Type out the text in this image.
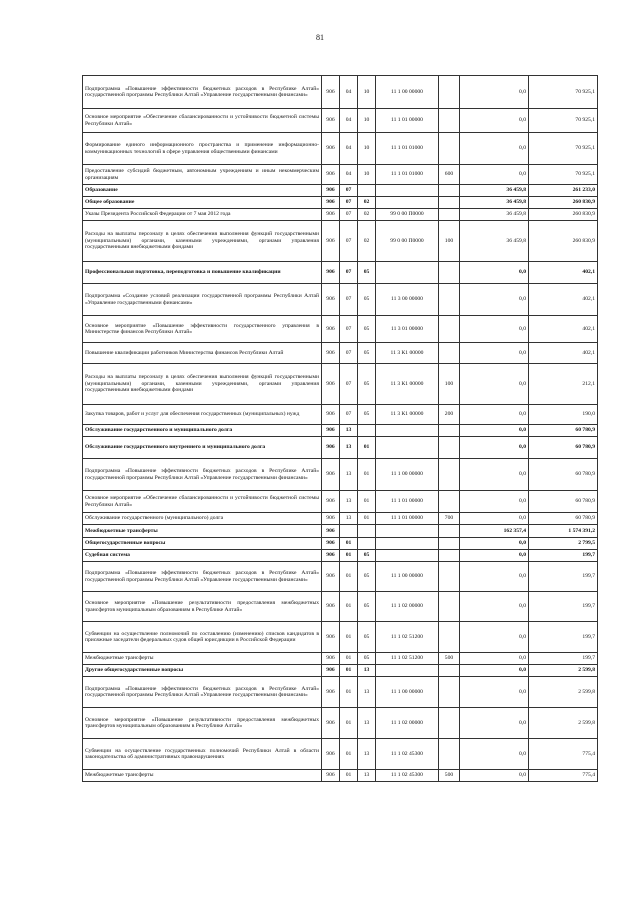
81
Подпрограмма «Повышение эффективности бюджетных расходов в Республике Алтай» государственной программы Республики Алтай «Управление государственными финансами»	906	04	10	11 1 00 00000		0,0	70 925,1
Основное мероприятие «Обеспечение сбалансированности и устойчивости бюджетной системы Республики Алтай»	906	04	10	11 1 01 00000		0,0	70 925,1
Формирование единого информационного пространства и применение информационно-коммуникационных технологий в сфере управления общественными финансами	906	04	10	11 1 01 01000		0,0	70 925,1
Предоставление субсидий бюджетным, автономным учреждениям и иным некоммерческим организациям	906	04	10	11 1 01 01000	600	0,0	70 925,1
Образование	906	07				36 459,8	261 233,0
Общее образование	906	07	02			36 459,8	260 830,9
Указы Президента Российской Федерации от 7 мая 2012 года	906	07	02	99 0 00 П0000		36 459,8	260 830,9
Расходы на выплаты персоналу в целях обеспечения выполнения функций государственными (муниципальными) органами, казенными учреждениями, органами управления государственными внебюджетными фондами	906	07	02	99 0 00 П0000	100	36 459,8	260 830,9
Профессиональная подготовка, переподготовка и повышение квалификации	906	07	05			0,0	402,1
Подпрограмма «Создание условий реализации государственной программы Республики Алтай «Управление государственными финансами»	906	07	05	11 3 00 00000		0,0	402,1
Основное мероприятие «Повышение эффективности государственного управления в Министерстве финансов Республики Алтай»	906	07	05	11 3 01 00000		0,0	402,1
Повышение квалификации работников Министерства финансов Республики Алтай	906	07	05	11 3 К1 00000		0,0	402,1
Расходы на выплаты персоналу в целях обеспечения выполнения функций государственными (муниципальными) органами, казенными учреждениями, органами управления государственными внебюджетными фондами	906	07	05	11 3 К1 00000	100	0,0	212,1
Закупка товаров, работ и услуг для обеспечения государственных (муниципальных) нужд	906	07	05	11 3 К1 00000	200	0,0	190,0
Обслуживание государственного и муниципального долга	906	13				0,0	60 780,9
Обслуживание государственного внутреннего и муниципального долга	906	13	01			0,0	60 780,9
Подпрограмма «Повышение эффективности бюджетных расходов в Республике Алтай» государственной программы Республики Алтай «Управление государственными финансами»	906	13	01	11 1 00 00000		0,0	60 780,9
Основное мероприятие «Обеспечение сбалансированности и устойчивости бюджетной системы Республики Алтай»	906	13	01	11 1 01 00000		0,0	60 780,9
Обслуживание государственного (муниципального) долга	906	13	01	11 1 01 00000	700	0,0	60 780,9
Межбюджетные трансферты	906					162 357,4	1 574 391,2
Общегосударственные вопросы	906	01				0,0	2 799,5
Судебная система	906	01	05			0,0	199,7
Подпрограмма «Повышение эффективности бюджетных расходов в Республике Алтай» государственной программы Республики Алтай «Управление государственными финансами»	906	01	05	11 1 00 00000		0,0	199,7
Основное мероприятие «Повышение результативности предоставления межбюджетных трансфертов муниципальным образованиям в Республике Алтай»	906	01	05	11 1 02 00000		0,0	199,7
Субвенции на осуществление полномочий по составлению (изменению) списков кандидатов в присяжные заседатели федеральных судов общей юрисдикции в Российской Федерации	906	01	05	11 1 02 51200		0,0	199,7
Межбюджетные трансферты	906	01	05	11 1 02 51200	500	0,0	199,7
Другие общегосударственные вопросы	906	01	13			0,0	2 599,8
Подпрограмма «Повышение эффективности бюджетных расходов в Республике Алтай» государственной программы Республики Алтай «Управление государственными финансами»	906	01	13	11 1 00 00000		0,0	2 599,8
Основное мероприятие «Повышение результативности предоставления межбюджетных трансфертов муниципальным образованиям в Республике Алтай»	906	01	13	11 1 02 00000		0,0	2 599,8
Субвенции на осуществление государственных полномочий Республики Алтай в области законодательства об административных правонарушениях	906	01	13	11 1 02 45300		0,0	775,4
Межбюджетные трансферты	906	01	13	11 1 02 45300	500	0,0	775,4
